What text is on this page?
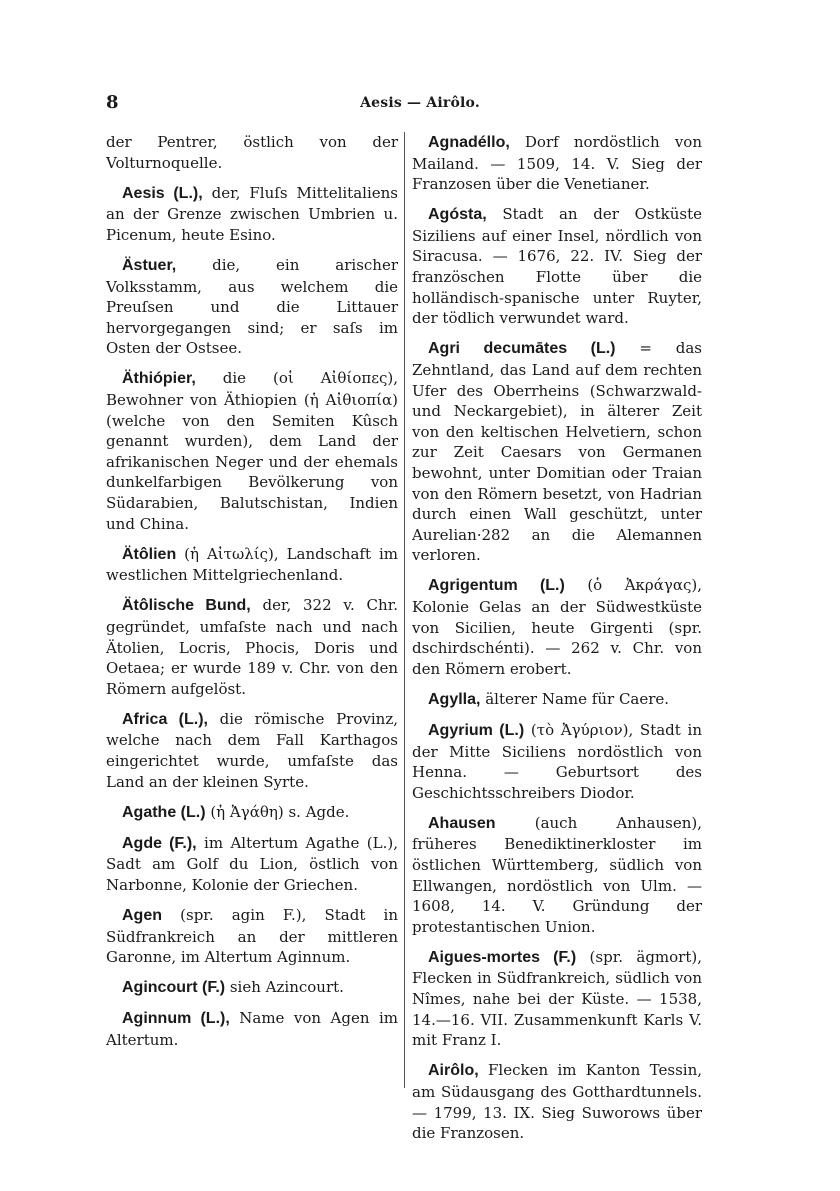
8	Aesis — Airôlo.

der Pentrer, östlich von der Volturnoquelle.

Aesis (L.), der, Fluſs Mittelitaliens an der Grenze zwischen Umbrien u. Picenum, heute Esino.

Ästuer, die, ein arischer Volksstamm, aus welchem die Preuſsen und die Littauer hervorgegangen sind; er saſs im Osten der Ostsee.

Äthiópier, die (οἱ Αἰθίοπες), Bewohner von Äthiopien (ἡ Αἰθιοπία) (welche von den Semiten Kûsch genannt wurden), dem Land der afrikanischen Neger und der ehemals dunkelfarbigen Bevölkerung von Südarabien, Balutschistan, Indien und China.

Ätôlien (ἡ Αἰτωλίς), Landschaft im westlichen Mittelgriechenland.

Ätôlische Bund, der, 322 v. Chr. gegründet, umfaſste nach und nach Ätolien, Locris, Phocis, Doris und Oetaea; er wurde 189 v. Chr. von den Römern aufgelöst.

Africa (L.), die römische Provinz, welche nach dem Fall Karthagos eingerichtet wurde, umfaſste das Land an der kleinen Syrte.

Agathe (L.) (ἡ Ἀγάθη) s. Agde.

Agde (F.), im Altertum Agathe (L.), Sadt am Golf du Lion, östlich von Narbonne, Kolonie der Griechen.

Agen (spr. agin F.), Stadt in Südfrankreich an der mittleren Garonne, im Altertum Aginnum.

Agincourt (F.) sieh Azincourt.

Aginnum (L.), Name von Agen im Altertum.

Agnadéllo, Dorf nordöstlich von Mailand. — 1509, 14. V. Sieg der Franzosen über die Venetianer.

Agósta, Stadt an der Ostküste Siziliens auf einer Insel, nördlich von Siracusa. — 1676, 22. IV. Sieg der französchen Flotte über die holländisch-spanische unter Ruyter, der tödlich verwundet ward.

Agri decumātes (L.) = das Zehntland, das Land auf dem rechten Ufer des Oberrheins (Schwarzwald- und Neckargebiet), in älterer Zeit von den keltischen Helvetiern, schon zur Zeit Caesars von Germanen bewohnt, unter Domitian oder Traian von den Römern besetzt, von Hadrian durch einen Wall geschützt, unter Aurelian·282 an die Alemannen verloren.

Agrigentum (L.) (ὁ Ἀκράγας), Kolonie Gelas an der Südwestküste von Sicilien, heute Girgenti (spr. dschirdschénti). — 262 v. Chr. von den Römern erobert.

Agylla, älterer Name für Caere.

Agyrium (L.) (τὸ Ἀγύριον), Stadt in der Mitte Siciliens nordöstlich von Henna. — Geburtsort des Geschichtsschreibers Diodor.

Ahausen (auch Anhausen), früheres Benediktinerkloster im östlichen Württemberg, südlich von Ellwangen, nordöstlich von Ulm. — 1608, 14. V. Gründung der protestantischen Union.

Aigues-mortes (F.) (spr. ägmort), Flecken in Südfrankreich, südlich von Nîmes, nahe bei der Küste. — 1538, 14.—16. VII. Zusammenkunft Karls V. mit Franz I.

Airôlo, Flecken im Kanton Tessin, am Südausgang des Gotthardtunnels. — 1799, 13. IX. Sieg Suworows über die Franzosen.
